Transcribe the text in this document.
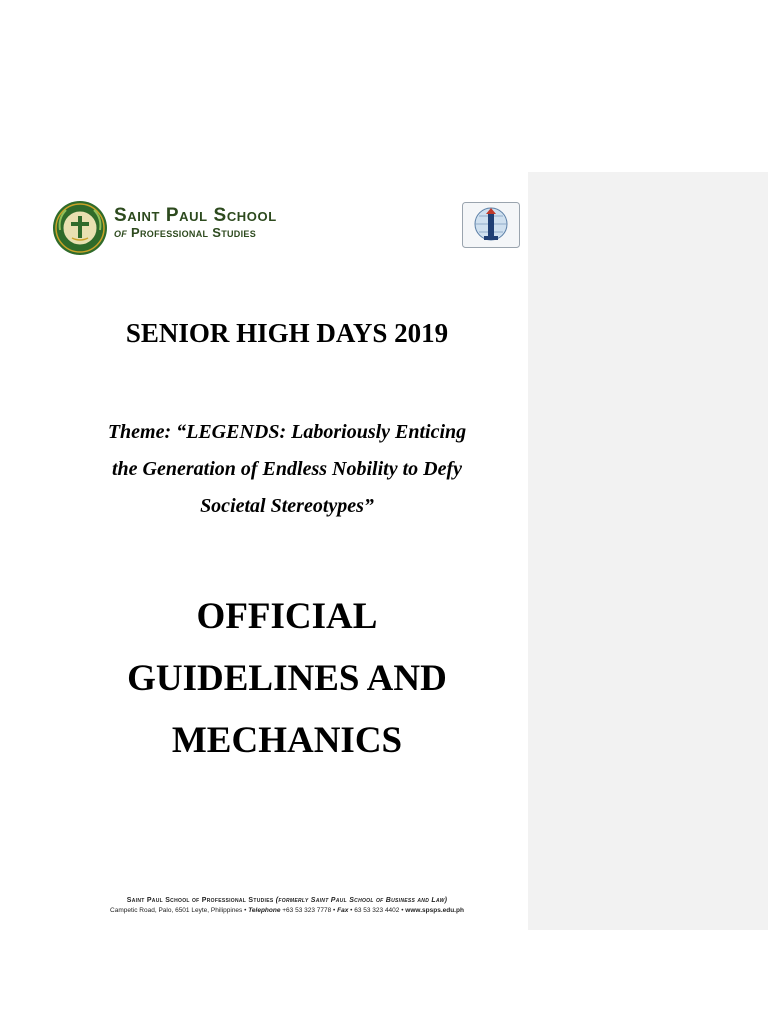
Saint Paul School
of Professional Studies
SENIOR HIGH DAYS 2019
Theme: “LEGENDS: Laboriously Enticing
the Generation of Endless Nobility to Defy
Societal Stereotypes”
OFFICIAL
GUIDELINES AND
MECHANICS
Saint Paul School of Professional Studies (formerly Saint Paul School of Business and Law)
Campetic Road, Palo, 6501 Leyte, Philippines • Telephone +63 53 323 7778 • Fax • 63 53 323 4402 • www.spsps.edu.ph
